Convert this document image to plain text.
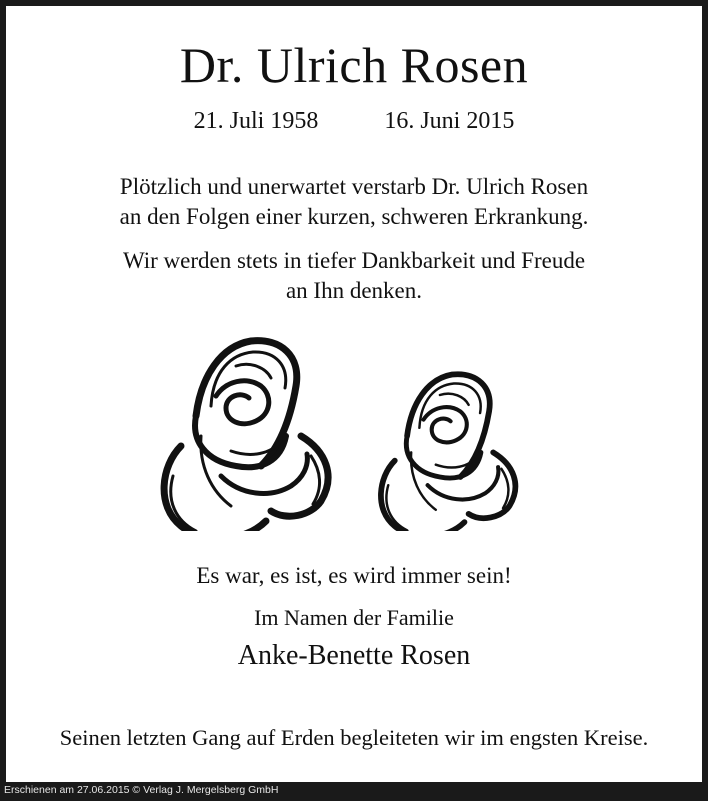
Dr. Ulrich Rosen
21. Juli 1958	16. Juni 2015
Plötzlich und unerwartet verstarb Dr. Ulrich Rosen
an den Folgen einer kurzen, schweren Erkrankung.
Wir werden stets in tiefer Dankbarkeit und Freude
an Ihn denken.
Es war, es ist, es wird immer sein!
Im Namen der Familie
Anke-Benette Rosen
Seinen letzten Gang auf Erden begleiteten wir im engsten Kreise.
Erschienen am 27.06.2015 © Verlag J. Mergelsberg GmbH
